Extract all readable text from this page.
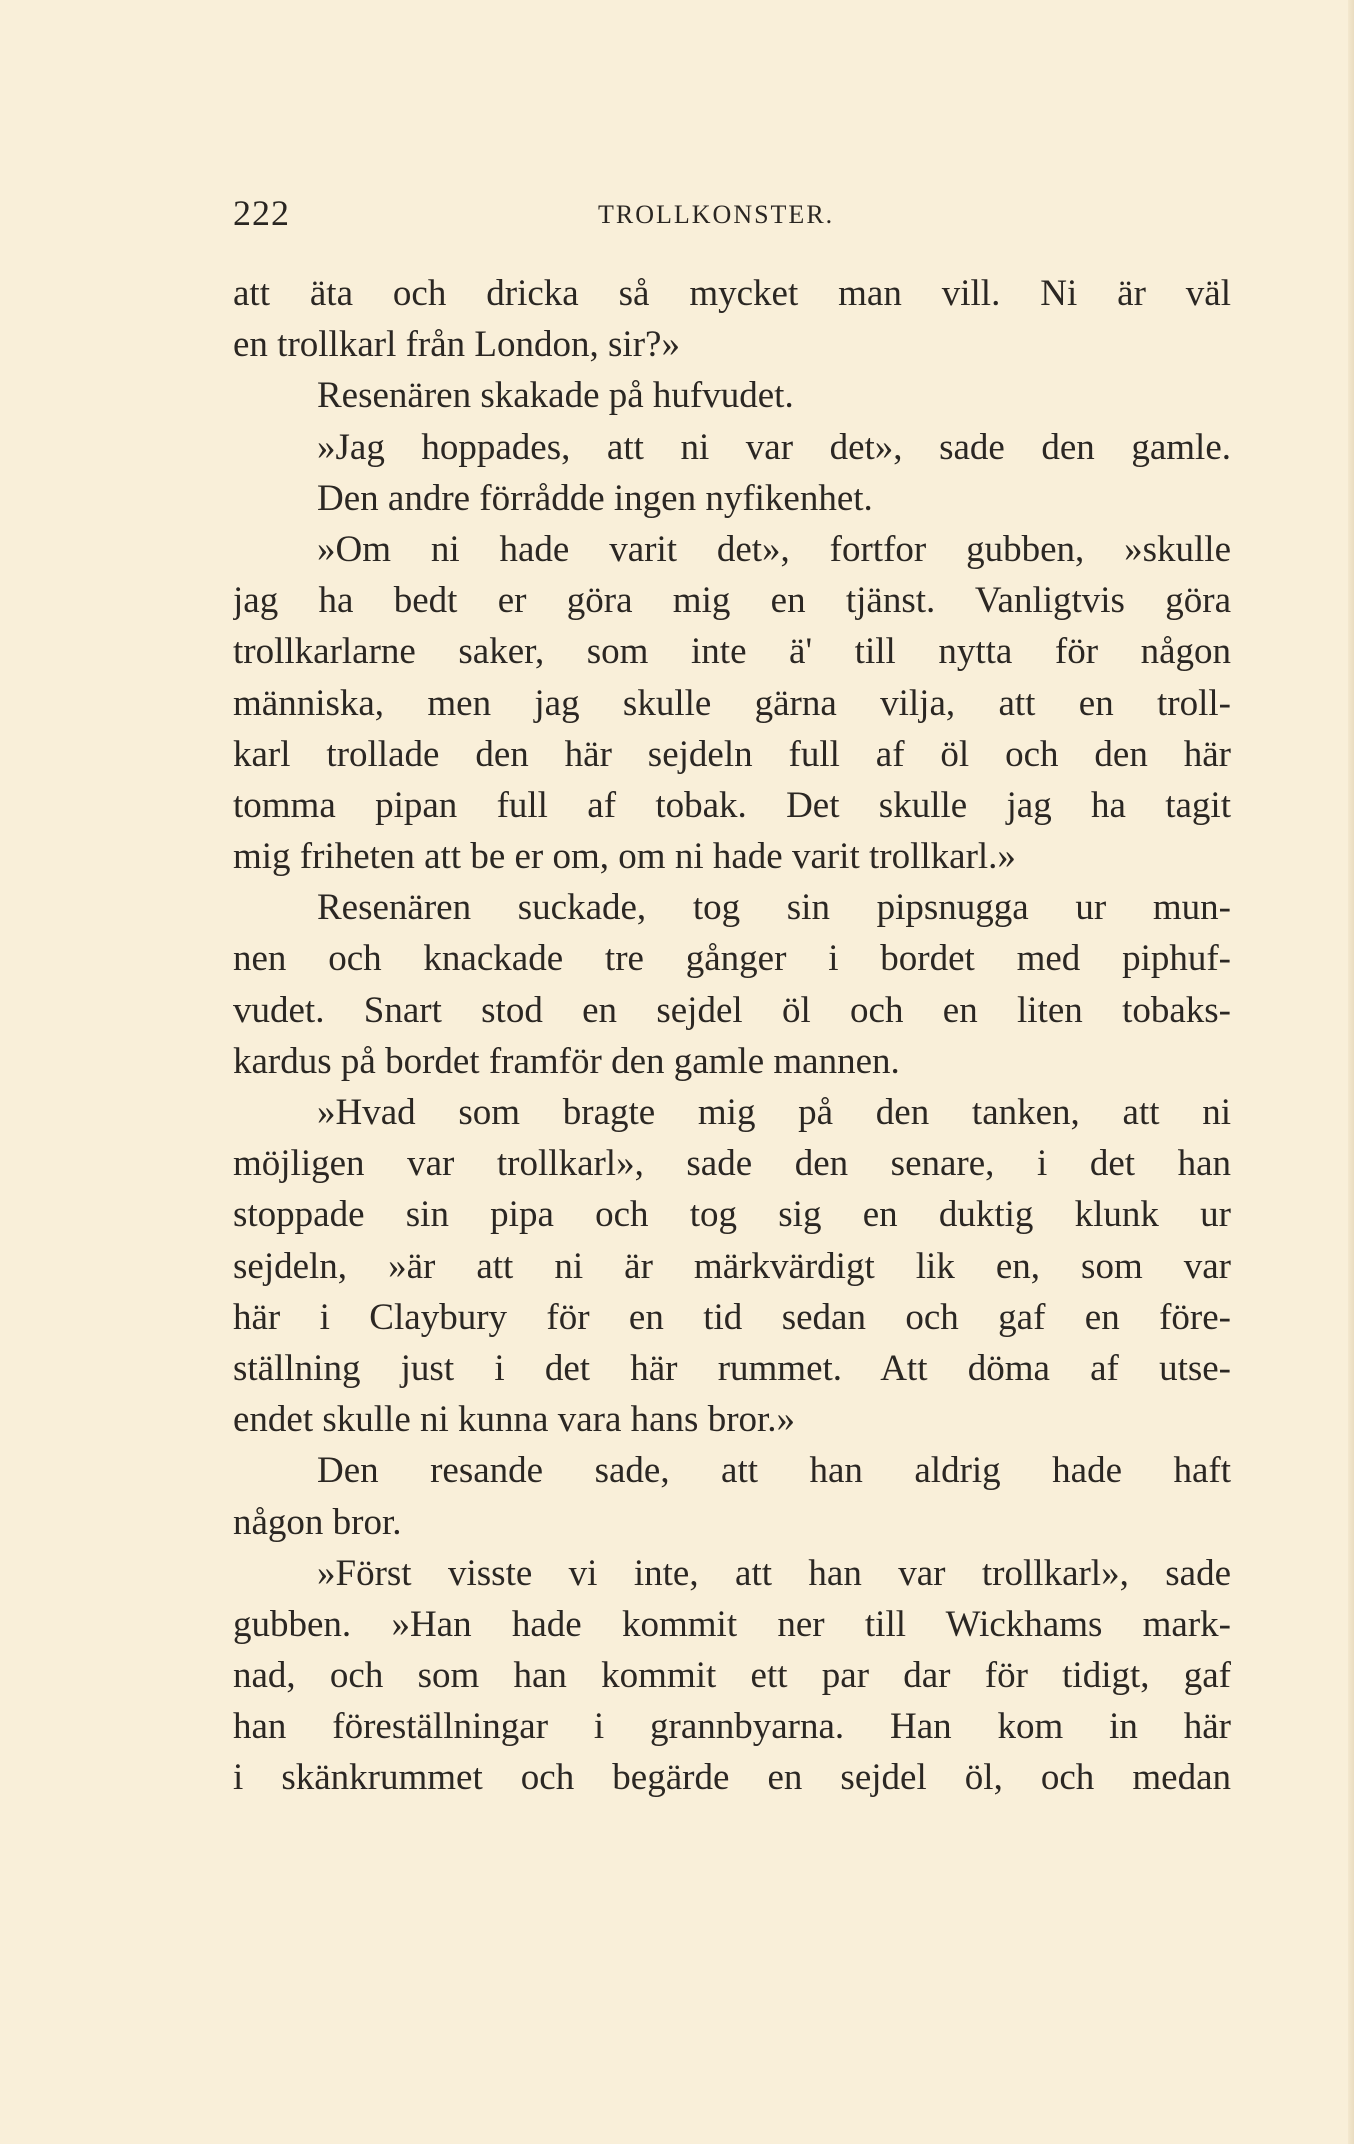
222	TROLLKONSTER.
att äta och dricka så mycket man vill. Ni är väl
en trollkarl från London, sir?»
Resenären skakade på hufvudet.
»Jag hoppades, att ni var det», sade den gamle.
Den andre förrådde ingen nyfikenhet.
»Om ni hade varit det», fortfor gubben, »skulle
jag ha bedt er göra mig en tjänst. Vanligtvis göra
trollkarlarne saker, som inte ä' till nytta för någon
människa, men jag skulle gärna vilja, att en troll-
karl trollade den här sejdeln full af öl och den här
tomma pipan full af tobak. Det skulle jag ha tagit
mig friheten att be er om, om ni hade varit trollkarl.»
Resenären suckade, tog sin pipsnugga ur mun-
nen och knackade tre gånger i bordet med piphuf-
vudet. Snart stod en sejdel öl och en liten tobaks-
kardus på bordet framför den gamle mannen.
»Hvad som bragte mig på den tanken, att ni
möjligen var trollkarl», sade den senare, i det han
stoppade sin pipa och tog sig en duktig klunk ur
sejdeln, »är att ni är märkvärdigt lik en, som var
här i Claybury för en tid sedan och gaf en före-
ställning just i det här rummet. Att döma af utse-
endet skulle ni kunna vara hans bror.»
Den resande sade, att han aldrig hade haft
någon bror.
»Först visste vi inte, att han var trollkarl», sade
gubben. »Han hade kommit ner till Wickhams mark-
nad, och som han kommit ett par dar för tidigt, gaf
han föreställningar i grannbyarna. Han kom in här
i skänkrummet och begärde en sejdel öl, och medan
